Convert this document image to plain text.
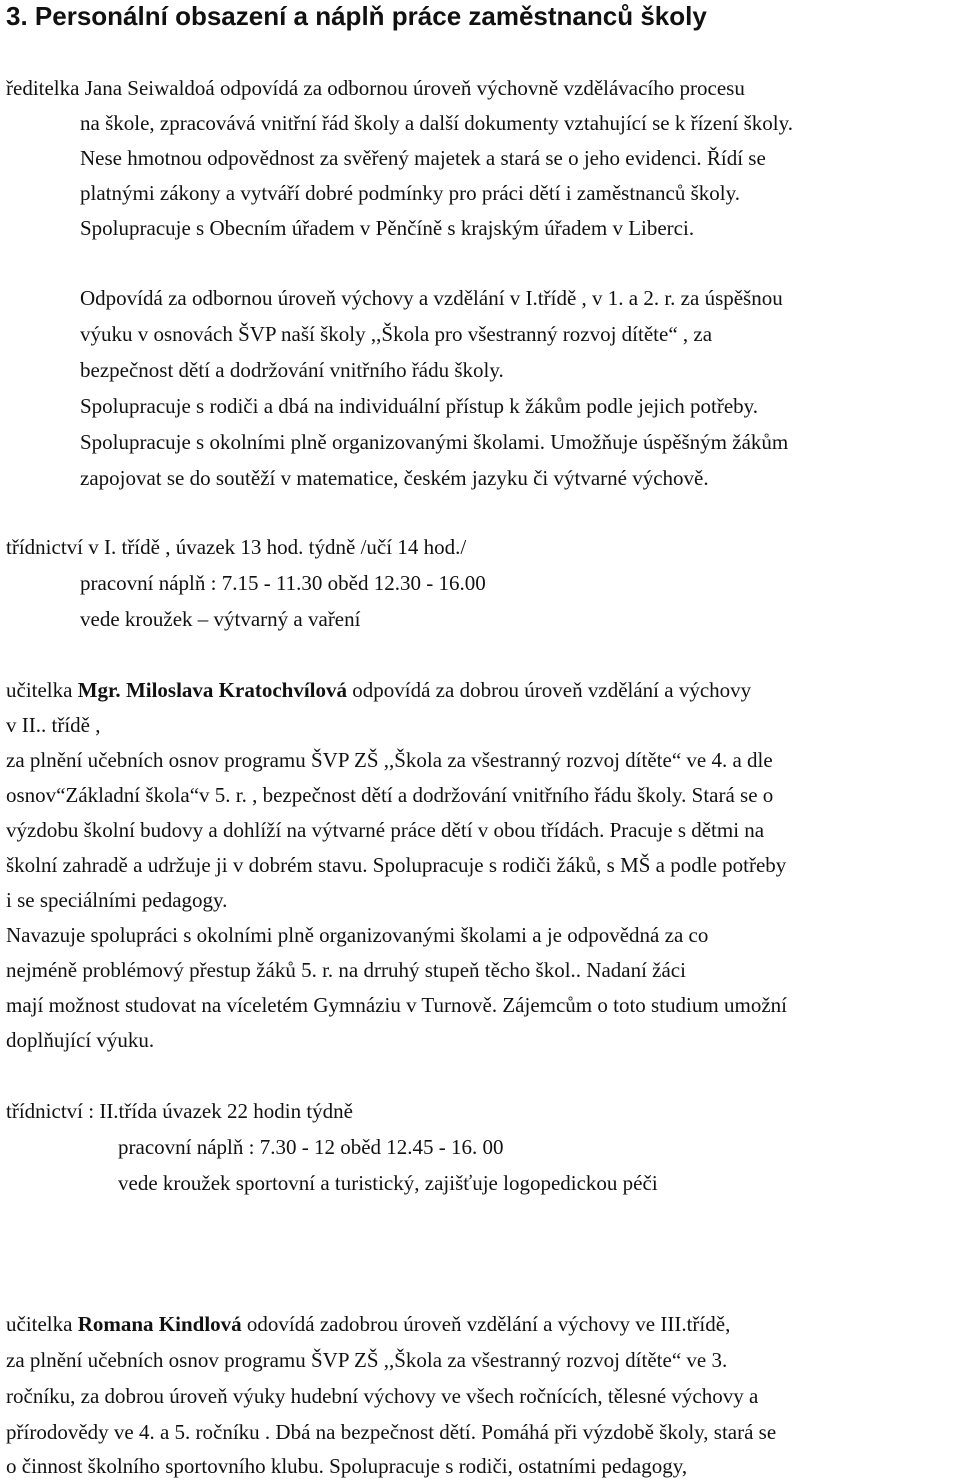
3. Personální obsazení a náplň práce zaměstnanců školy
ředitelka Jana Seiwaldoá odpovídá za odbornou úroveň výchovně vzdělávacího procesu
na škole, zpracovává vnitřní řád školy a další dokumenty vztahující se k řízení školy.
Nese hmotnou odpovědnost za svěřený majetek a stará se o jeho evidenci. Řídí se
platnými zákony a vytváří dobré podmínky pro práci dětí i zaměstnanců školy.
Spolupracuje s Obecním úřadem v Pěnčíně s krajským úřadem v Liberci.
Odpovídá za odbornou úroveň výchovy a vzdělání v I.třídě , v 1. a 2. r. za úspěšnou
výuku v osnovách ŠVP naší školy ,,Škola pro všestranný rozvoj dítěte“ , za
bezpečnost dětí a dodržování vnitřního řádu školy.
Spolupracuje s rodiči a dbá na individuální přístup k žákům podle jejich potřeby.
Spolupracuje s okolními plně organizovanými školami. Umožňuje úspěšným žákům
zapojovat se do soutěží v matematice, českém jazyku či výtvarné výchově.
třídnictví v I. třídě , úvazek 13 hod. týdně /učí 14 hod./
pracovní náplň : 7.15 - 11.30 oběd 12.30 - 16.00
vede kroužek – výtvarný a vaření
učitelka Mgr. Miloslava Kratochvílová odpovídá za dobrou úroveň vzdělání a výchovy
v II.. třídě ,
za plnění učebních osnov programu ŠVP ZŠ ,,Škola za všestranný rozvoj dítěte“ ve 4. a dle
osnov“Základní škola“v 5. r. , bezpečnost dětí a dodržování vnitřního řádu školy. Stará se o
výzdobu školní budovy a dohlíží na výtvarné práce dětí v obou třídách. Pracuje s dětmi na
školní zahradě a udržuje ji v dobrém stavu. Spolupracuje s rodiči žáků, s MŠ a podle potřeby
i se speciálními pedagogy.
Navazuje spolupráci s okolními plně organizovanými školami a je odpovědná za co
nejméně problémový přestup žáků 5. r. na drruhý stupeň těcho škol.. Nadaní žáci
mají možnost studovat na víceletém Gymnáziu v Turnově. Zájemcům o toto studium umožní
doplňující výuku.
třídnictví : II.třída úvazek 22 hodin týdně
pracovní náplň : 7.30 - 12 oběd 12.45 - 16. 00
vede kroužek sportovní a turistický, zajišťuje logopedickou péči
učitelka Romana Kindlová odovídá zadobrou úroveň vzdělání a výchovy ve III.třídě,
za plnění učebních osnov programu ŠVP ZŠ ,,Škola za všestranný rozvoj dítěte“ ve 3.
ročníku, za dobrou úroveň výuky hudební výchovy ve všech ročnících, tělesné výchovy a
přírodovědy ve 4. a 5. ročníku . Dbá na bezpečnost dětí. Pomáhá při výzdobě školy, stará se
o činnost školního sportovního klubu. Spolupracuje s rodiči, ostatními pedagogy,
